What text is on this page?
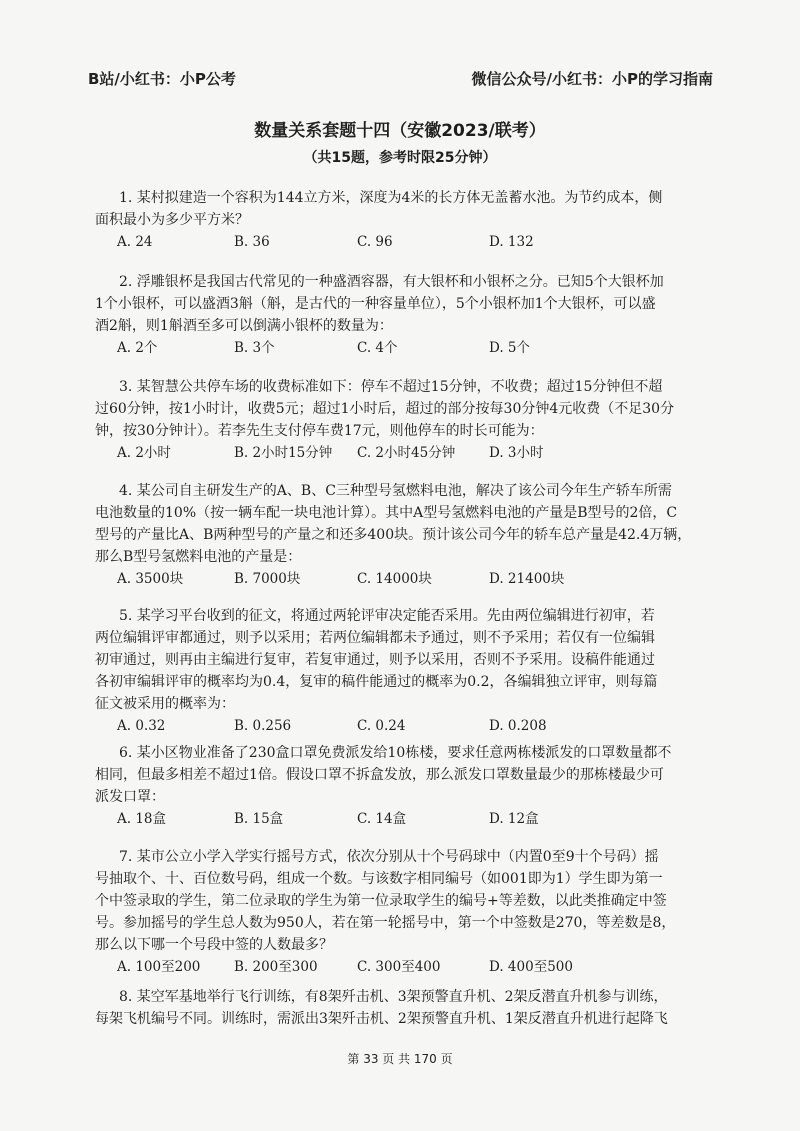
B站/小红书：小P公考	微信公众号/小红书：小P的学习指南
数量关系套题十四（安徽2023/联考）
（共15题，参考时限25分钟）
1. 某村拟建造一个容积为144立方米，深度为4米的长方体无盖蓄水池。为节约成本，侧
面积最小为多少平方米？
A. 24	B. 36	C. 96	D. 132
2. 浮雕银杯是我国古代常见的一种盛酒容器，有大银杯和小银杯之分。已知5个大银杯加
1个小银杯，可以盛酒3斛（斛，是古代的一种容量单位），5个小银杯加1个大银杯，可以盛
酒2斛，则1斛酒至多可以倒满小银杯的数量为：
A. 2个	B. 3个	C. 4个	D. 5个
3. 某智慧公共停车场的收费标准如下：停车不超过15分钟，不收费；超过15分钟但不超
过60分钟，按1小时计，收费5元；超过1小时后，超过的部分按每30分钟4元收费（不足30分
钟，按30分钟计）。若李先生支付停车费17元，则他停车的时长可能为：
A. 2小时	B. 2小时15分钟 C. 2小时45分钟	D. 3小时
4. 某公司自主研发生产的A、B、C三种型号氢燃料电池，解决了该公司今年生产轿车所需
电池数量的10%（按一辆车配一块电池计算）。其中A型号氢燃料电池的产量是B型号的2倍，C
型号的产量比A、B两种型号的产量之和还多400块。预计该公司今年的轿车总产量是42.4万辆，
那么B型号氢燃料电池的产量是：
A. 3500块	B. 7000块	C. 14000块	D. 21400块
5. 某学习平台收到的征文，将通过两轮评审决定能否采用。先由两位编辑进行初审，若
两位编辑评审都通过，则予以采用；若两位编辑都未予通过，则不予采用；若仅有一位编辑
初审通过，则再由主编进行复审，若复审通过，则予以采用，否则不予采用。设稿件能通过
各初审编辑评审的概率均为0.4，复审的稿件能通过的概率为0.2，各编辑独立评审，则每篇
征文被采用的概率为：
A. 0.32	B. 0.256	C. 0.24	D. 0.208
6. 某小区物业准备了230盒口罩免费派发给10栋楼，要求任意两栋楼派发的口罩数量都不
相同，但最多相差不超过1倍。假设口罩不拆盒发放，那么派发口罩数量最少的那栋楼最少可
派发口罩：
A. 18盒	B. 15盒	C. 14盒	D. 12盒
7. 某市公立小学入学实行摇号方式，依次分别从十个号码球中（内置0至9十个号码）摇
号抽取个、十、百位数号码，组成一个数。与该数字相同编号（如001即为1）学生即为第一
个中签录取的学生，第二位录取的学生为第一位录取学生的编号+等差数，以此类推确定中签
号。参加摇号的学生总人数为950人，若在第一轮摇号中，第一个中签数是270，等差数是8，
那么以下哪一个号段中签的人数最多？
A. 100至200 B. 200至300	C. 300至400	D. 400至500
8. 某空军基地举行飞行训练，有8架歼击机、3架预警直升机、2架反潜直升机参与训练，
每架飞机编号不同。训练时，需派出3架歼击机、2架预警直升机、1架反潜直升机进行起降飞
第 33 页 共 170 页
